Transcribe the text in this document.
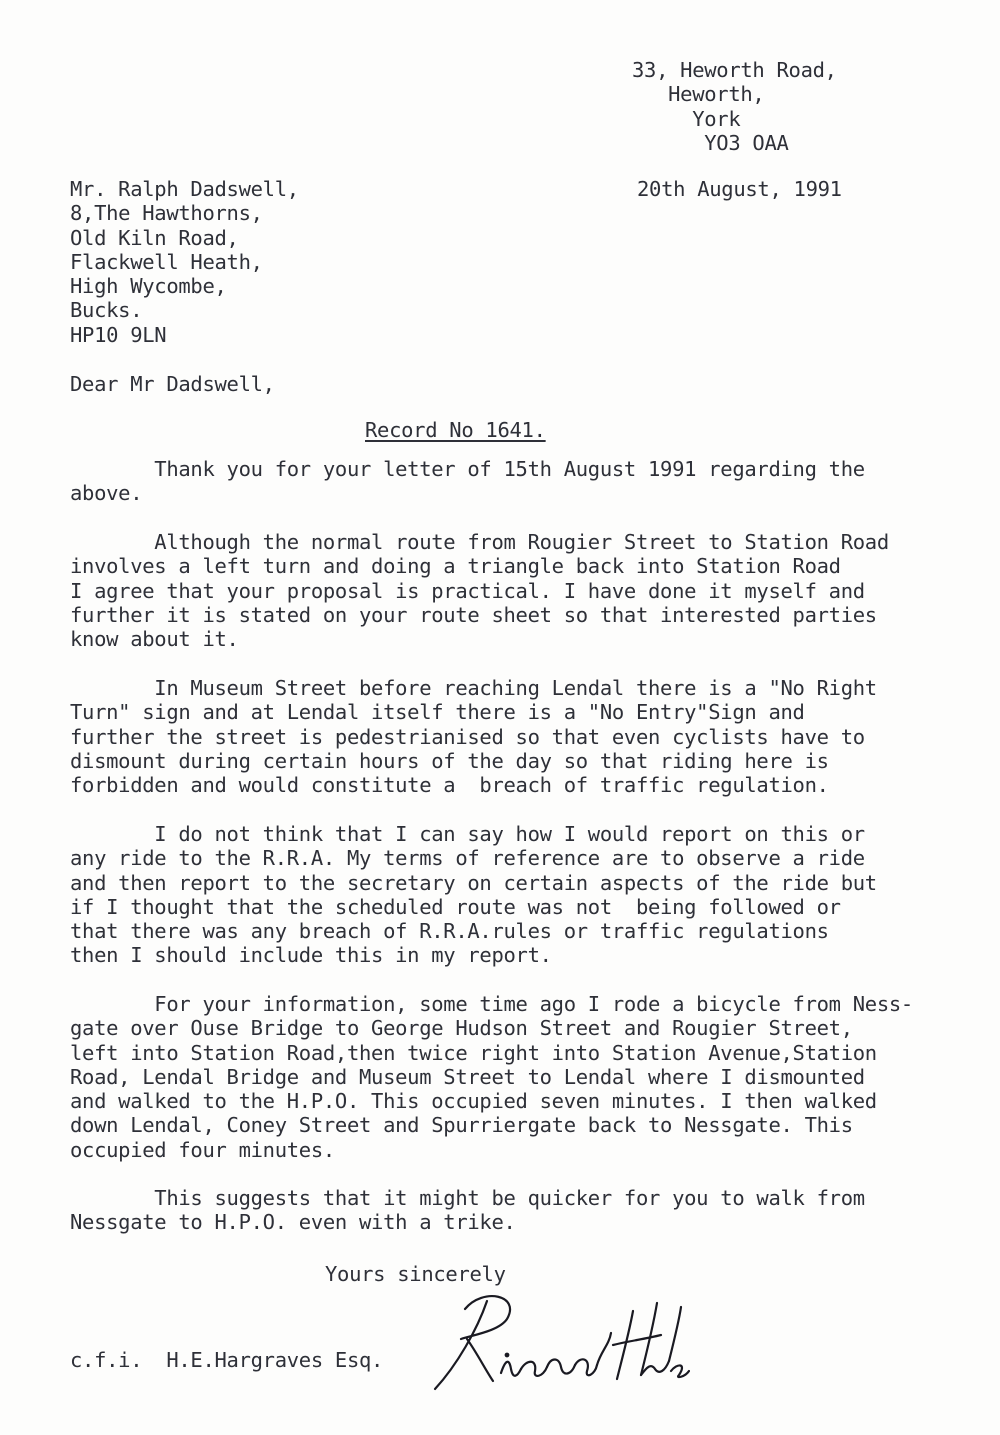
33, Heworth Road,
Heworth,
York
YO3 OAA
20th August, 1991
Mr. Ralph Dadswell,
8,The Hawthorns,
Old Kiln Road,
Flackwell Heath,
High Wycombe,
Bucks.
HP10 9LN
Dear Mr Dadswell,
Record No 1641.
Thank you for your letter of 15th August 1991 regarding the
above.
Although the normal route from Rougier Street to Station Road
involves a left turn and doing a triangle back into Station Road
I agree that your proposal is practical. I have done it myself and
further it is stated on your route sheet so that interested parties
know about it.
In Museum Street before reaching Lendal there is a "No Right
Turn" sign and at Lendal itself there is a "No Entry"Sign and
further the street is pedestrianised so that even cyclists have to
dismount during certain hours of the day so that riding here is
forbidden and would constitute a  breach of traffic regulation.
I do not think that I can say how I would report on this or
any ride to the R.R.A. My terms of reference are to observe a ride
and then report to the secretary on certain aspects of the ride but
if I thought that the scheduled route was not  being followed or
that there was any breach of R.R.A.rules or traffic regulations
then I should include this in my report.
For your information, some time ago I rode a bicycle from Ness-
gate over Ouse Bridge to George Hudson Street and Rougier Street,
left into Station Road,then twice right into Station Avenue,Station
Road, Lendal Bridge and Museum Street to Lendal where I dismounted
and walked to the H.P.O. This occupied seven minutes. I then walked
down Lendal, Coney Street and Spurriergate back to Nessgate. This
occupied four minutes.
This suggests that it might be quicker for you to walk from
Nessgate to H.P.O. even with a trike.
Yours sincerely
c.f.i.  H.E.Hargraves Esq.
